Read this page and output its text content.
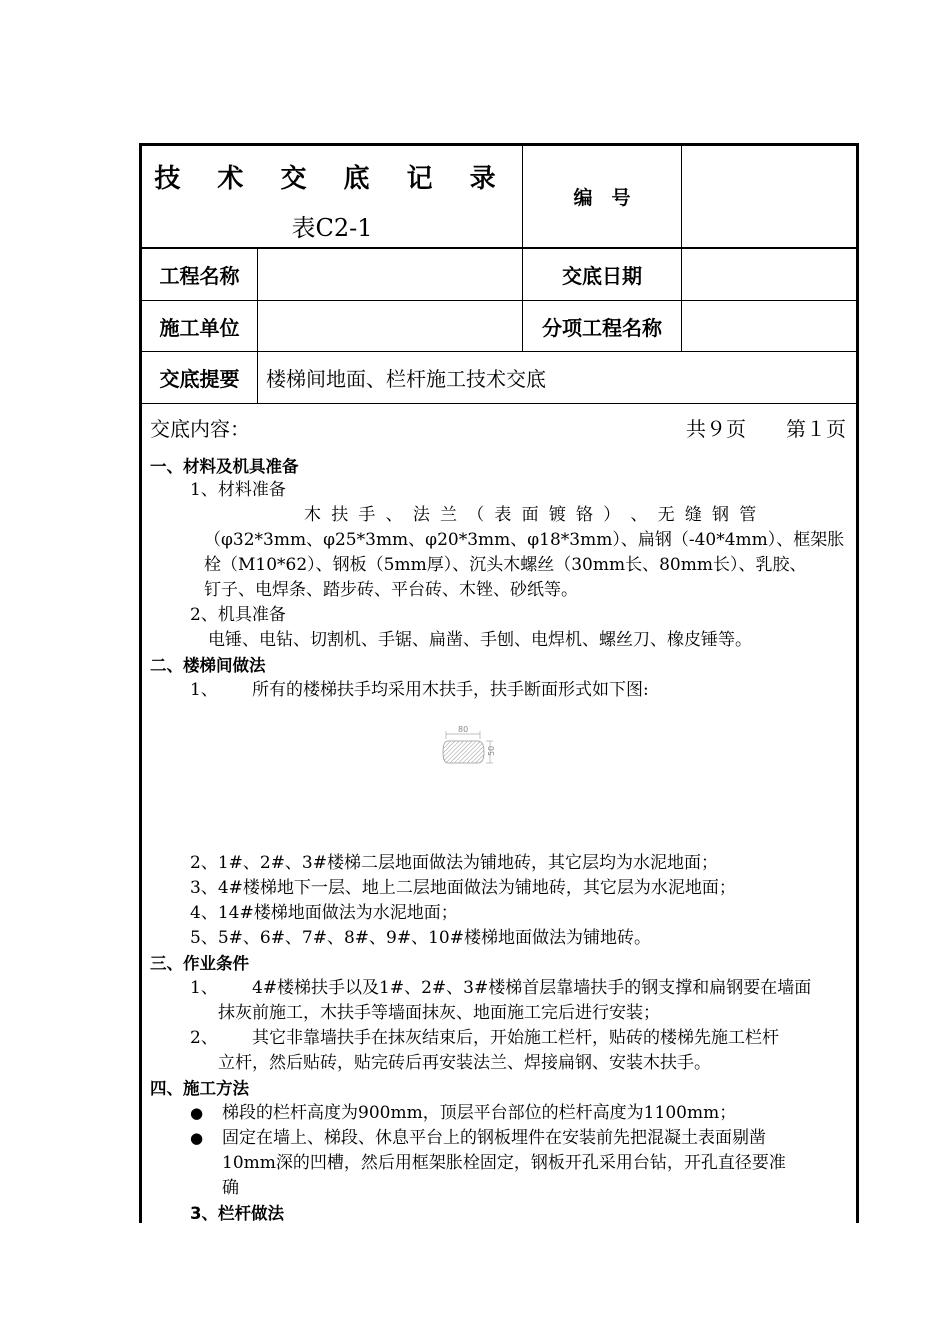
技 术 交 底 记 录
表C2-1
编　号
工程名称	交底日期
施工单位	分项工程名称
交底提要	楼梯间地面、栏杆施工技术交底
交底内容：	共９页　　第１页
一、材料及机具准备
1、材料准备
木 扶 手 、 法 兰 （ 表 面 镀 铬 ） 、 无 缝 钢 管
（φ32*3mm、φ25*3mm、φ20*3mm、φ18*3mm）、扁钢（-40*4mm）、框架胀
栓（M10*62）、钢板（5mm厚）、沉头木螺丝（30mm长、80mm长）、乳胶、
钉子、电焊条、踏步砖、平台砖、木锉、砂纸等。
2、机具准备
电锤、电钻、切割机、手锯、扁凿、手刨、电焊机、螺丝刀、橡皮锤等。
二、楼梯间做法
1、 所有的楼梯扶手均采用木扶手，扶手断面形式如下图:
80
50
2、1#、2#、3#楼梯二层地面做法为铺地砖，其它层均为水泥地面；
3、4#楼梯地下一层、地上二层地面做法为铺地砖，其它层为水泥地面；
4、14#楼梯地面做法为水泥地面；
5、5#、6#、7#、8#、9#、10#楼梯地面做法为铺地砖。
三、作业条件
1、 4#楼梯扶手以及1#、2#、3#楼梯首层靠墙扶手的钢支撑和扁钢要在墙面
抹灰前施工，木扶手等墙面抹灰、地面施工完后进行安装；
2、 其它非靠墙扶手在抹灰结束后，开始施工栏杆，贴砖的楼梯先施工栏杆
立杆，然后贴砖，贴完砖后再安装法兰、焊接扁钢、安装木扶手。
四、施工方法
● 梯段的栏杆高度为900mm，顶层平台部位的栏杆高度为1100mm；
● 固定在墙上、梯段、休息平台上的钢板埋件在安装前先把混凝土表面剔凿
10mm深的凹槽，然后用框架胀栓固定，钢板开孔采用台钻，开孔直径要准
确
3、栏杆做法
